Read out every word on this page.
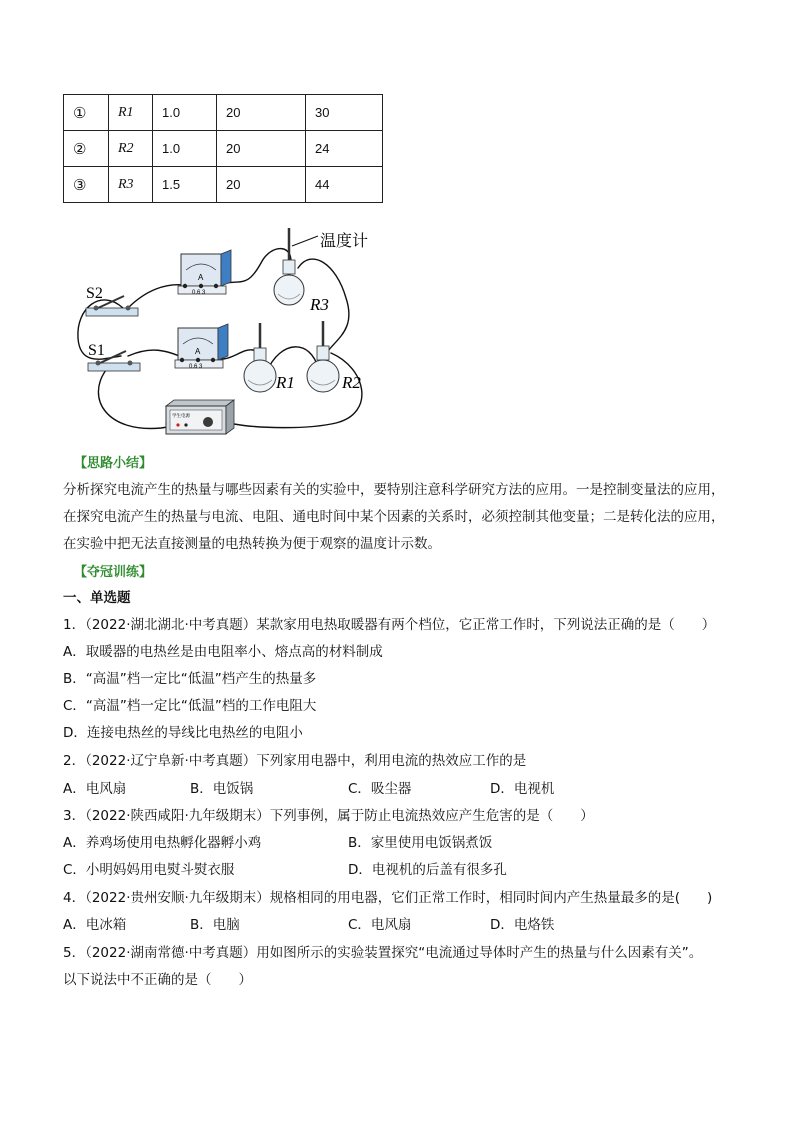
①	R1	1.0	20	30
②	R2	1.0	20	24
③	R3	1.5	20	44
S2
S1
A
0.6 3
A
0.6 3
温度计
R3
R1	R2
学生电源
【思路小结】
分析探究电流产生的热量与哪些因素有关的实验中，要特别注意科学研究方法的应用。一是控制变量法的应用，在探究电流产生的热量与电流、电阻、通电时间中某个因素的关系时，必须控制其他变量；二是转化法的应用，在实验中把无法直接测量的电热转换为便于观察的温度计示数。
【夺冠训练】
一、单选题
1．（2022·湖北湖北·中考真题）某款家用电热取暖器有两个档位，它正常工作时，下列说法正确的是（　　）
A．取暖器的电热丝是由电阻率小、熔点高的材料制成
B．“高温”档一定比“低温”档产生的热量多
C．“高温”档一定比“低温”档的工作电阻大
D．连接电热丝的导线比电热丝的电阻小
2．（2022·辽宁阜新·中考真题）下列家用电器中，利用电流的热效应工作的是
A．电风扇	B．电饭锅	C．吸尘器	D．电视机
3．（2022·陕西咸阳·九年级期末）下列事例，属于防止电流热效应产生危害的是（　　）
A．养鸡场使用电热孵化器孵小鸡	B．家里使用电饭锅煮饭
C．小明妈妈用电熨斗熨衣服	D．电视机的后盖有很多孔
4．（2022·贵州安顺·九年级期末）规格相同的用电器，它们正常工作时，相同时间内产生热量最多的是(　　)
A．电冰箱	B．电脑	C．电风扇	D．电烙铁
5．（2022·湖南常德·中考真题）用如图所示的实验装置探究“电流通过导体时产生的热量与什么因素有关”。
以下说法中不正确的是（　　）
